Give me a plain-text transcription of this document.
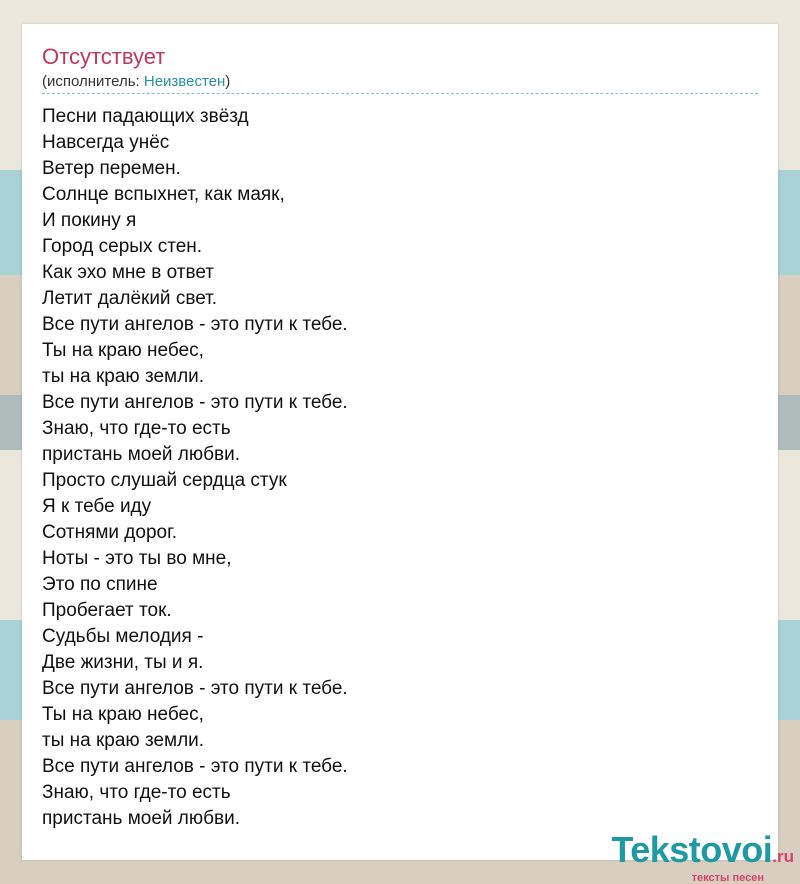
Отсутствует
(исполнитель: Неизвестен)
Песни падающих звёзд
Навсегда унёс
Ветер перемен.
Солнце вспыхнет, как маяк,
И покину я
Город серых стен.
Как эхо мне в ответ
Летит далёкий свет.
Все пути ангелов - это пути к тебе.
Ты на краю небес,
ты на краю земли.
Все пути ангелов - это пути к тебе.
Знаю, что где-то есть
пристань моей любви.
Просто слушай сердца стук
Я к тебе иду
Сотнями дорог.
Ноты - это ты во мне,
Это по спине
Пробегает ток.
Судьбы мелодия -
Две жизни, ты и я.
Все пути ангелов - это пути к тебе.
Ты на краю небес,
ты на краю земли.
Все пути ангелов - это пути к тебе.
Знаю, что где-то есть
пристань моей любви.
Tekstovoi.ru
тексты песен
